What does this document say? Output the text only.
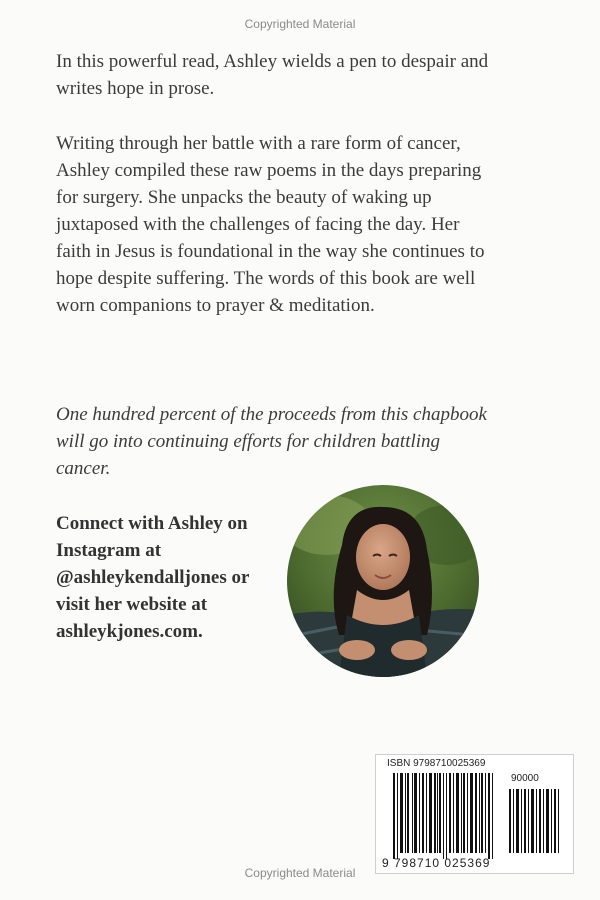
Copyrighted Material

In this powerful read, Ashley wields a pen to despair and writes hope in prose.

Writing through her battle with a rare form of cancer, Ashley compiled these raw poems in the days preparing for surgery. She unpacks the beauty of waking up juxtaposed with the challenges of facing the day. Her faith in Jesus is foundational in the way she continues to hope despite suffering. The words of this book are well worn companions to prayer & meditation.

One hundred percent of the proceeds from this chapbook will go into continuing efforts for children battling cancer.

Connect with Ashley on Instagram at @ashleykendalljones or visit her website at ashleykjones.com.

ISBN 9798710025369
90000
9 798710 025369
Copyrighted Material
